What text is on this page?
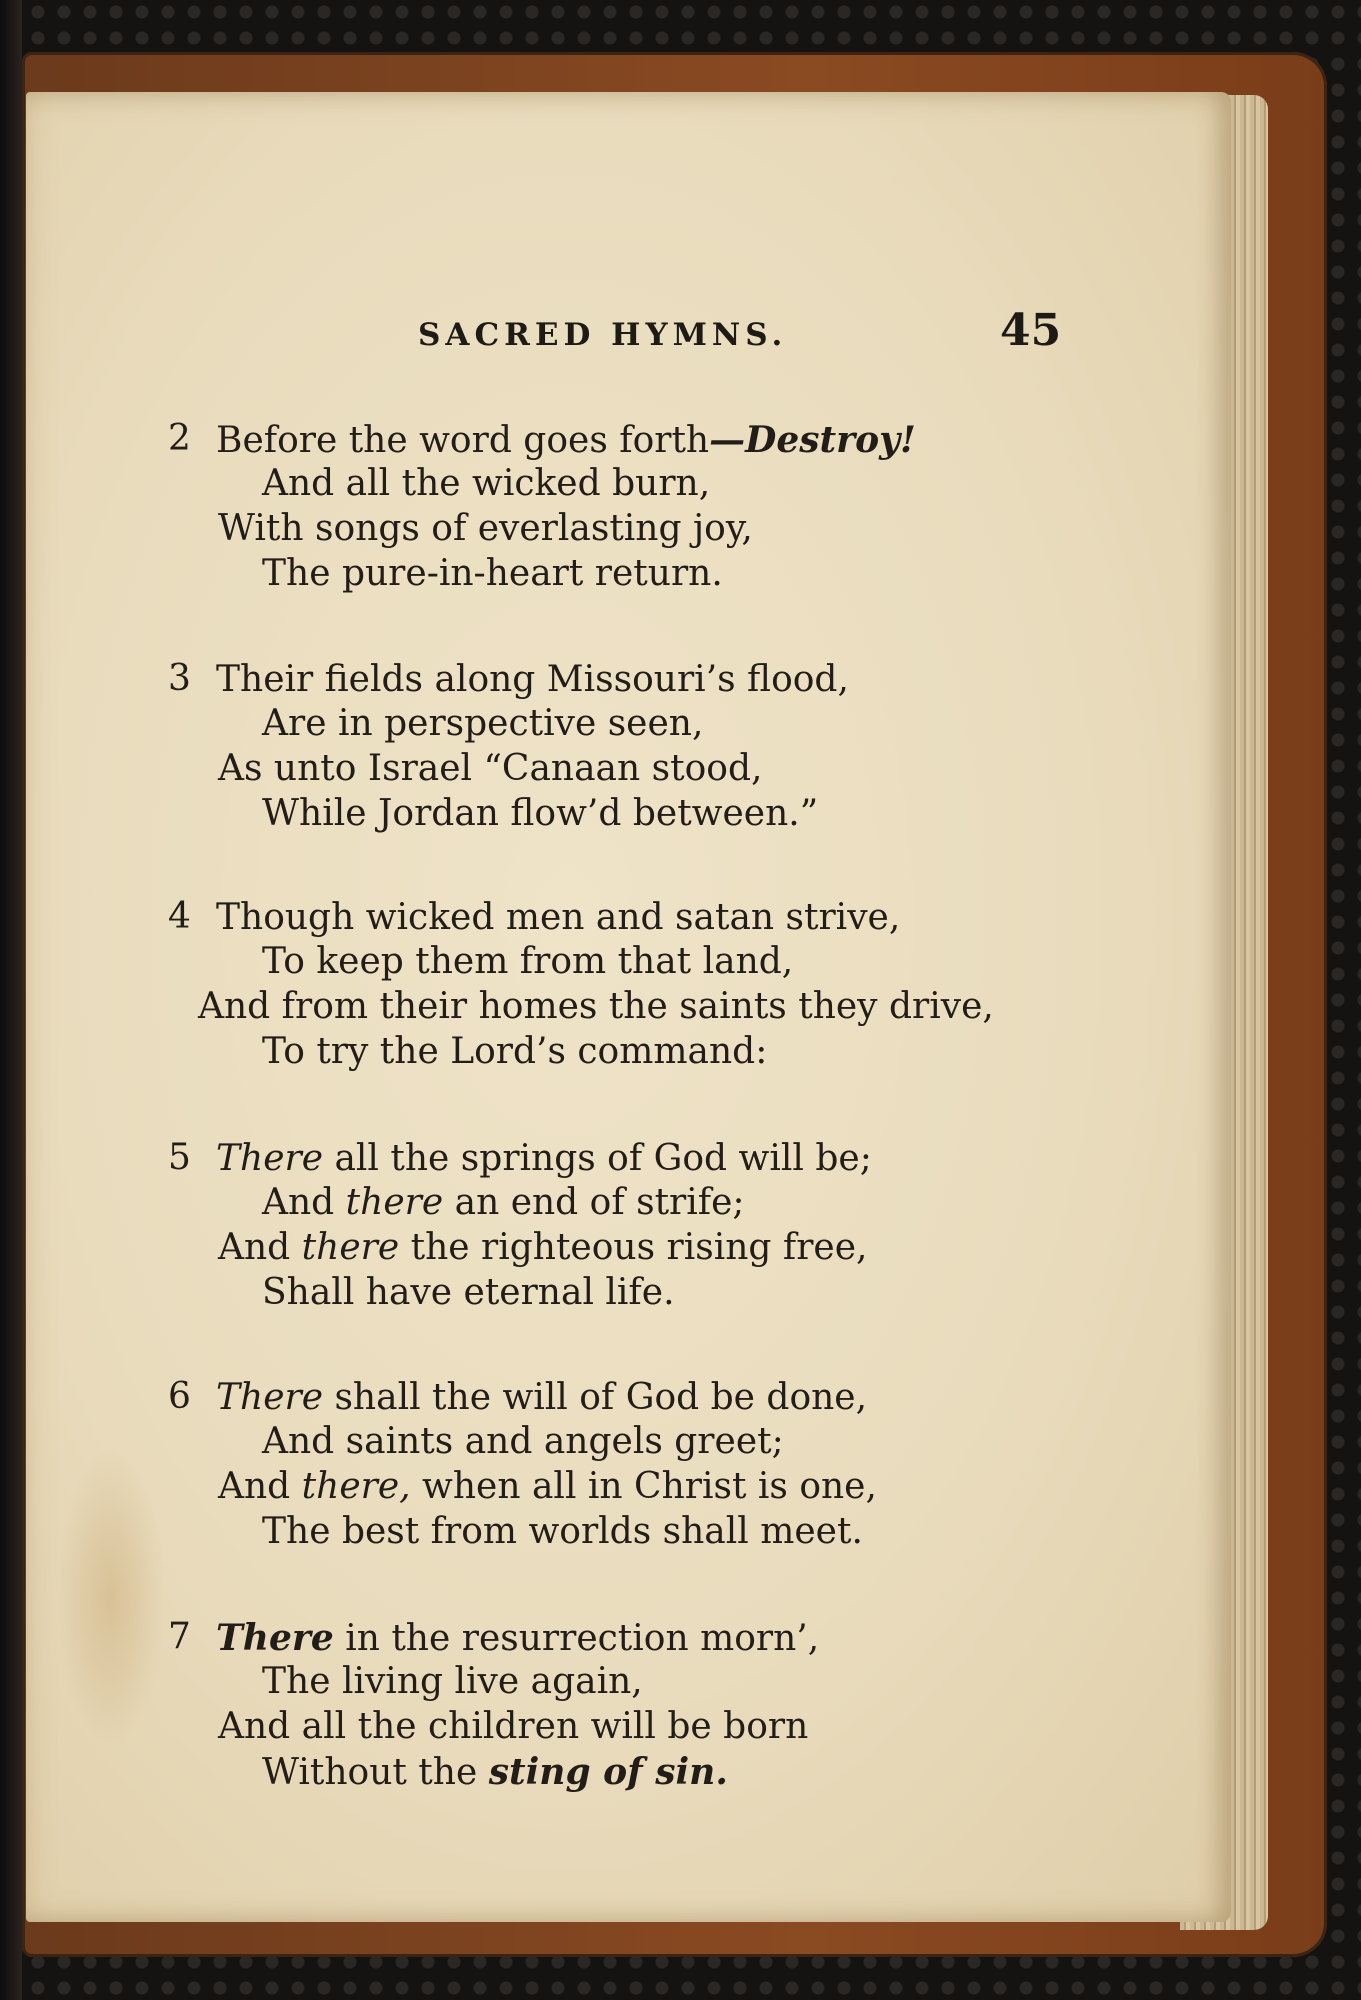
SACRED HYMNS.	45
2 Before the word goes forth—Destroy!
And all the wicked burn,
With songs of everlasting joy,
The pure-in-heart return.
3 Their fields along Missouri’s flood,
Are in perspective seen,
As unto Israel “Canaan stood,
While Jordan flow’d between.”
4 Though wicked men and satan strive,
To keep them from that land,
And from their homes the saints they drive,
To try the Lord’s command:
5 There all the springs of God will be;
And there an end of strife;
And there the righteous rising free,
Shall have eternal life.
6 There shall the will of God be done,
And saints and angels greet;
And there, when all in Christ is one,
The best from worlds shall meet.
7 There in the resurrection morn’,
The living live again,
And all the children will be born
Without the sting of sin.
